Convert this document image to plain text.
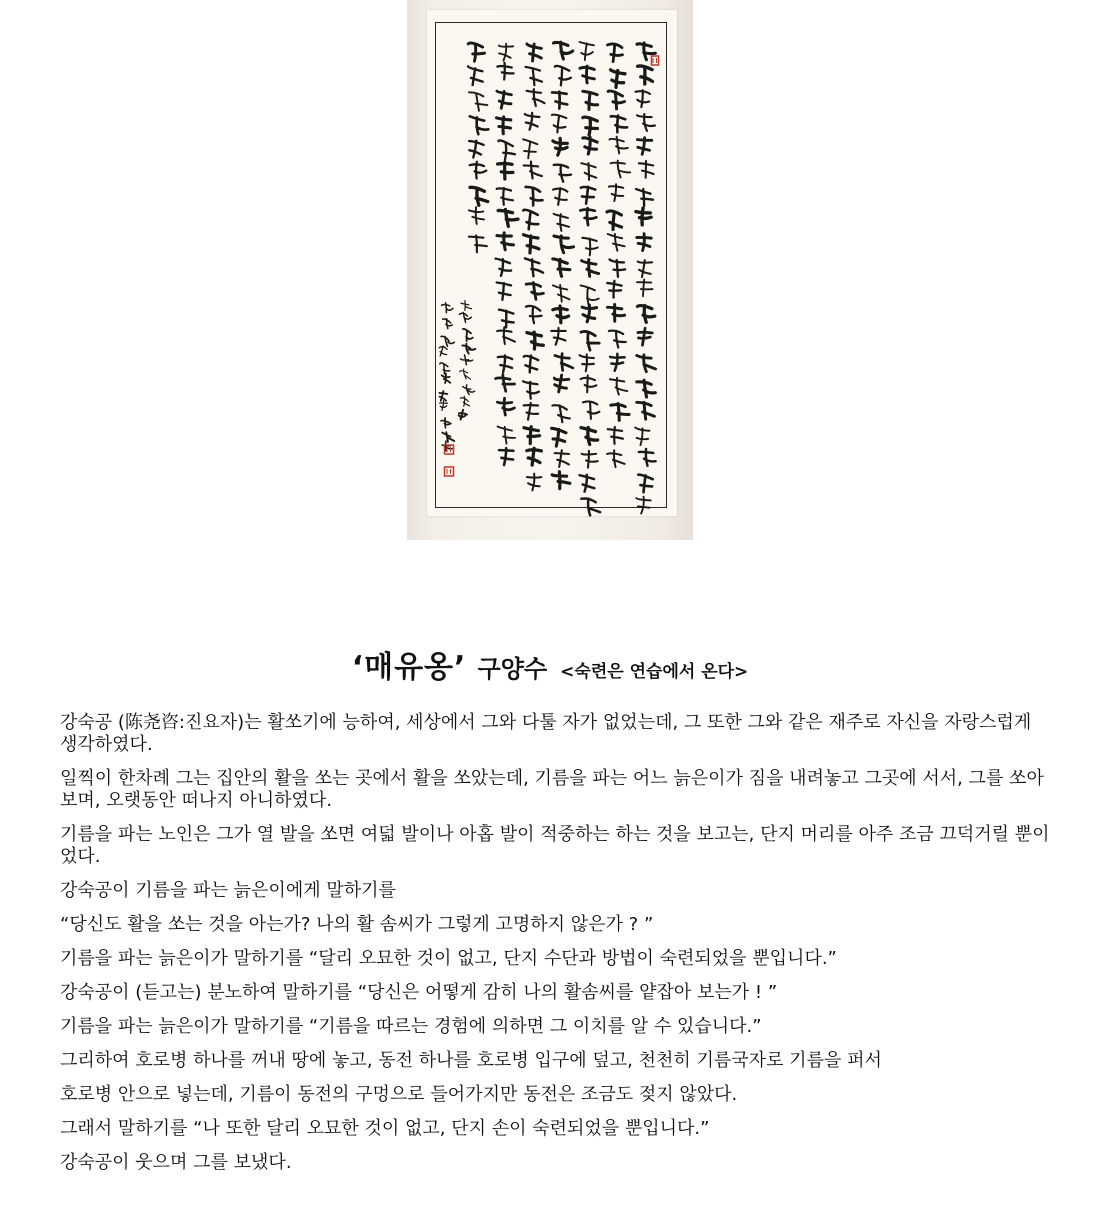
‘매유옹’ 구양수 <숙련은 연습에서 온다>

강숙공 (陈尧咨:진요자)는 활쏘기에 능하여, 세상에서 그와 다툴 자가 없었는데, 그 또한 그와 같은 재주로 자신을 자랑스럽게 생각하였다.

일찍이 한차례 그는 집안의 활을 쏘는 곳에서 활을 쏘았는데, 기름을 파는 어느 늙은이가 짐을 내려놓고 그곳에 서서, 그를 쏘아보며, 오랫동안 떠나지 아니하였다.

기름을 파는 노인은 그가 열 발을 쏘면 여덟 발이나 아홉 발이 적중하는 하는 것을 보고는, 단지 머리를 아주 조금 끄덕거릴 뿐이었다.

강숙공이 기름을 파는 늙은이에게 말하기를

“당신도 활을 쏘는 것을 아는가? 나의 활 솜씨가 그렇게 고명하지 않은가 ? ”

기름을 파는 늙은이가 말하기를 “달리 오묘한 것이 없고, 단지 수단과 방법이 숙련되었을 뿐입니다.”

강숙공이 (듣고는) 분노하여 말하기를 “당신은 어떻게 감히 나의 활솜씨를 얕잡아 보는가 ! ”

기름을 파는 늙은이가 말하기를 “기름을 따르는 경험에 의하면 그 이치를 알 수 있습니다.”

그리하여 호로병 하나를 꺼내 땅에 놓고, 동전 하나를 호로병 입구에 덮고, 천천히 기름국자로 기름을 퍼서

호로병 안으로 넣는데, 기름이 동전의 구멍으로 들어가지만 동전은 조금도 젖지 않았다.

그래서 말하기를 “나 또한 달리 오묘한 것이 없고, 단지 손이 숙련되었을 뿐입니다.”

강숙공이 웃으며 그를 보냈다.
